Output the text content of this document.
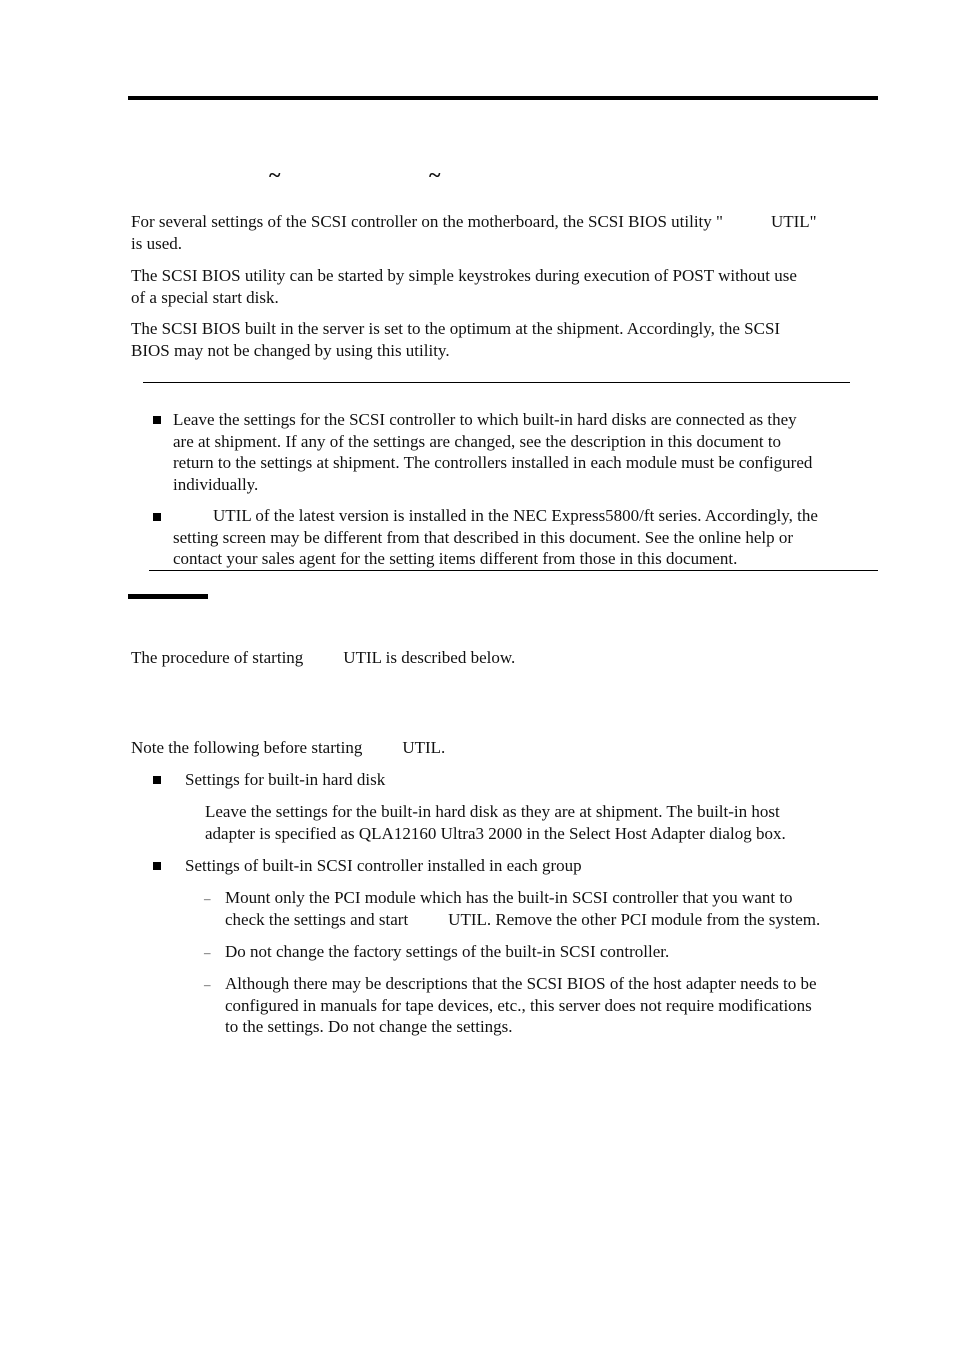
~	~
For several settings of the SCSI controller on the motherboard, the SCSI BIOS utility "	UTIL"
is used.
The SCSI BIOS utility can be started by simple keystrokes during execution of POST without use
of a special start disk.
The SCSI BIOS built in the server is set to the optimum at the shipment. Accordingly, the SCSI
BIOS may not be changed by using this utility.
Leave the settings for the SCSI controller to which built-in hard disks are connected as they
are at shipment. If any of the settings are changed, see the description in this document to
return to the settings at shipment. The controllers installed in each module must be configured
individually.
UTIL of the latest version is installed in the NEC Express5800/ft series. Accordingly, the
setting screen may be different from that described in this document. See the online help or
contact your sales agent for the setting items different from those in this document.
The procedure of starting UTIL is described below.
Note the following before starting UTIL.
Settings for built-in hard disk
Leave the settings for the built-in hard disk as they are at shipment. The built-in host
adapter is specified as QLA12160 Ultra3 2000 in the Select Host Adapter dialog box.
Settings of built-in SCSI controller installed in each group
– Mount only the PCI module which has the built-in SCSI controller that you want to
check the settings and start UTIL. Remove the other PCI module from the system.
– Do not change the factory settings of the built-in SCSI controller.
– Although there may be descriptions that the SCSI BIOS of the host adapter needs to be
configured in manuals for tape devices, etc., this server does not require modifications
to the settings. Do not change the settings.
